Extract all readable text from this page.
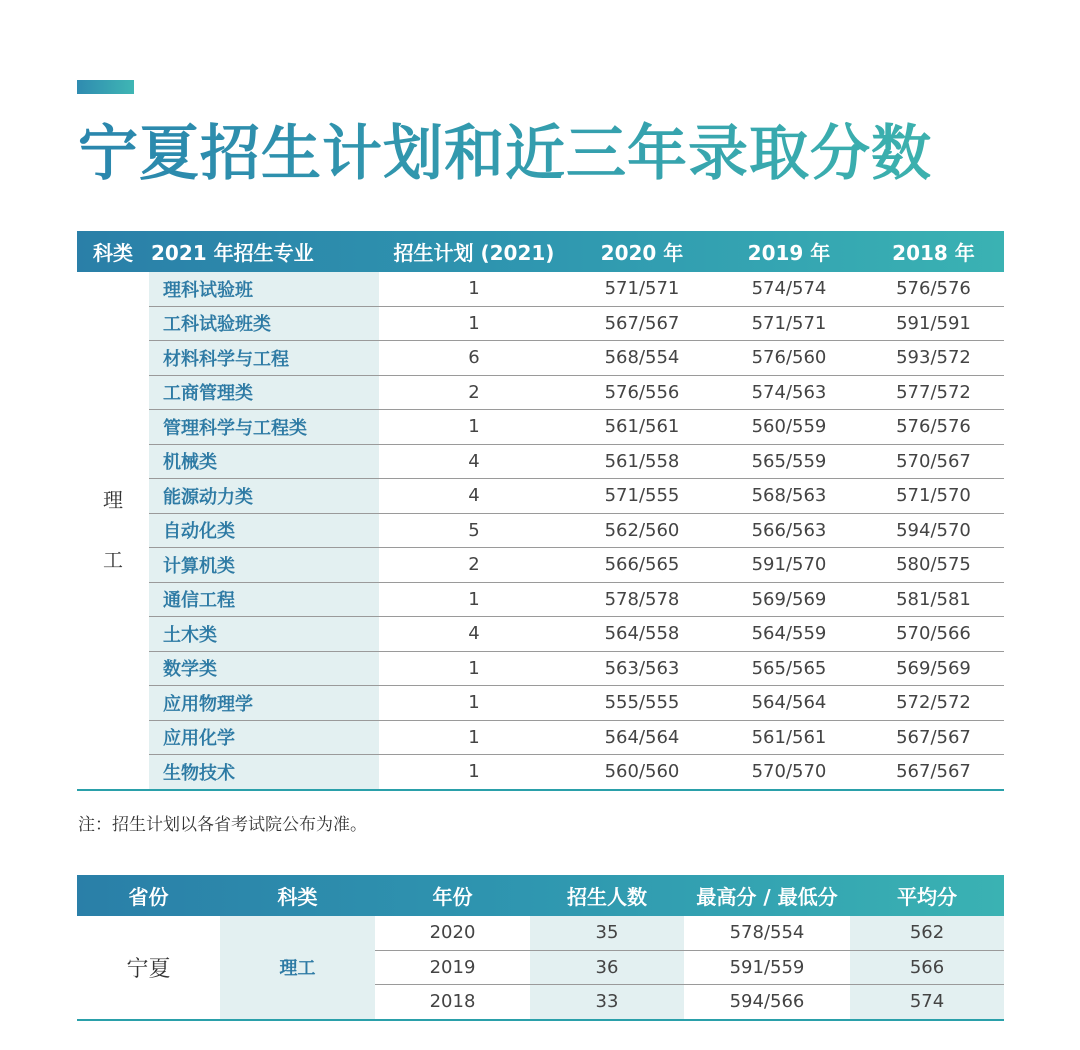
宁夏招生计划和近三年录取分数
科类	2021 年招生专业	招生计划 (2021)	2020 年	2019 年	2018 年

理
工	理科试验班	1	571/571	574/574	576/576
	工科试验班类	1	567/567	571/571	591/591
	材料科学与工程	6	568/554	576/560	593/572
	工商管理类	2	576/556	574/563	577/572
	管理科学与工程类	1	561/561	560/559	576/576
	机械类	4	561/558	565/559	570/567
	能源动力类	4	571/555	568/563	571/570
	自动化类	5	562/560	566/563	594/570
	计算机类	2	566/565	591/570	580/575
	通信工程	1	578/578	569/569	581/581
	土木类	4	564/558	564/559	570/566
	数学类	1	563/563	565/565	569/569
	应用物理学	1	555/555	564/564	572/572
	应用化学	1	564/564	561/561	567/567
	生物技术	1	560/560	570/570	567/567

注：招生计划以各省考试院公布为准。

省份	科类	年份	招生人数	最高分 / 最低分	平均分
宁夏	理工	2020	35	578/554	562
		2019	36	591/559	566
		2018	33	594/566	574
